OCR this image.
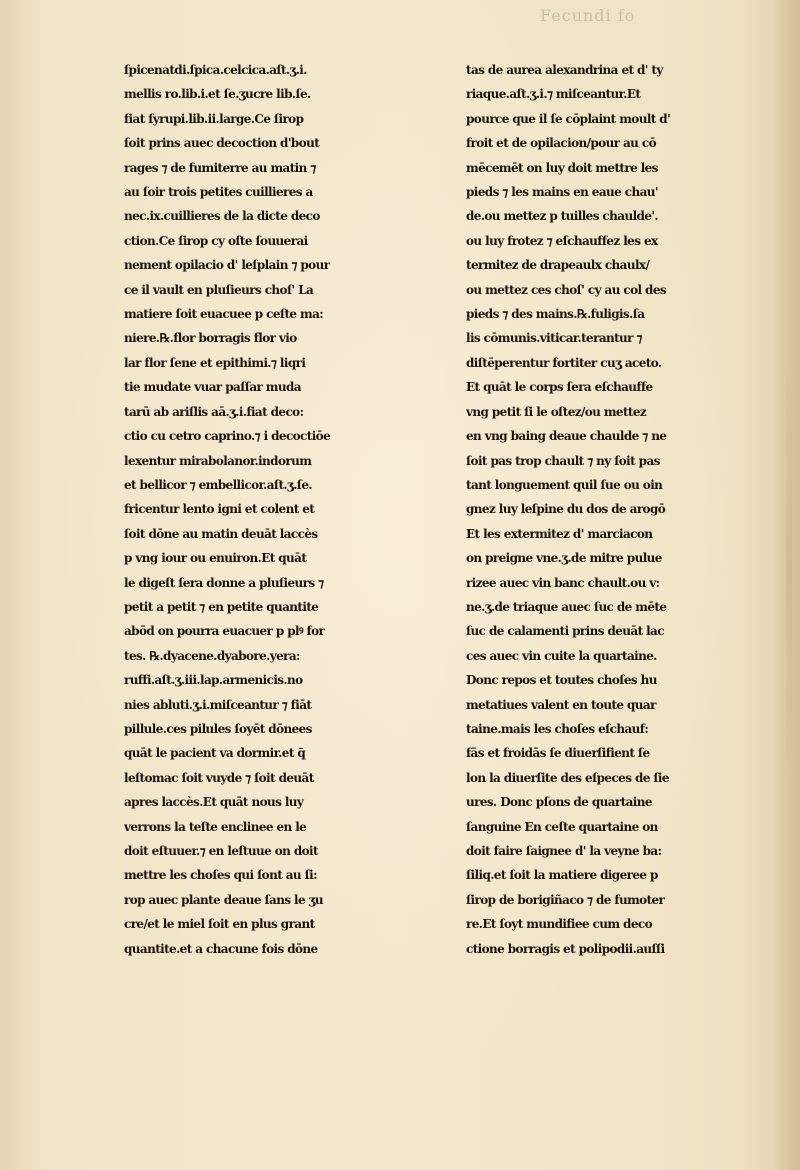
Fecundi fo
ſpicenatdi.ſpica.celcica.aſt.ʒ.i.
mellis ro.lib.i.et ſe.ʒucre lib.ſe.
fiat ſyrupi.lib.ii.large.Ce ſirop
ſoit prins auec decoction d'bout
rages ⁊ de fumiterre au matin ⁊
au ſoir trois petites cuillieres a
nec.ix.cuillieres de la dicte deco
ction.Ce ſirop cy oſte ſouuerai
nement opilacio d' leſplain ⁊ pour
ce il vault en pluſieurs choſ' La
matiere ſoit euacuee p ceſte ma:
niere.℞.flor borragis flor vio
lar flor ſene et epithimi.⁊ liqri
tie mudate vuar paſſar muda
tarū ab ariſlis aā.ʒ.i.fiat deco:
ctio cu cetro caprino.⁊ i decoctiōe
lexentur mirabolanor.indorum
et bellicor ⁊ embellicor.aſt.ʒ.ſe.
fricentur lento igni et colent et
ſoit dōne au matin deuāt laccès
p vng iour ou enuiron.Et quāt
le digeſt ſera donne a pluſieurs ⁊
petit a petit ⁊ en petite quantite
abōd on pourra euacuer p plꝰ for
tes. ℞.dyacene.dyabore.yera:
ruffi.aſt.ʒ.iii.lap.armenicis.no
nies abluti.ʒ.i.miſceantur ⁊ fiāt
pillule.ces pilules ſoyēt dōnees
quāt le pacient va dormir.et q̄
leſtomac ſoit vuyde ⁊ ſoit deuāt
apres laccès.Et quāt nous luy
verrons la teſte enclinee en le
doit eſtuuer.⁊ en leſtuue on doit
mettre les choſes qui ſont au ſi:
rop auec plante deaue ſans le ʒu
cre/et le miel ſoit en plus grant
quantite.et a chacune fois dōne
tas de aurea alexandrina et d' ty
riaque.aſt.ʒ.i.⁊ miſceantur.Et
pource que il ſe cōplaint moult d'
froit et de opilacion/pour au cō
mēcemēt on luy doit mettre les
pieds ⁊ les mains en eaue chau'
de.ou mettez p tuilles chaulde'.
ou luy frotez ⁊ eſchauffez les ex
termitez de drapeaulx chaulx/
ou mettez ces choſ' cy au col des
pieds ⁊ des mains.℞.fuligis.ſa
lis cōmunis.viticar.terantur ⁊
diſtēperentur fortiter cuʒ aceto.
Et quāt le corps ſera eſchauffe
vng petit ſi le oſtez/ou mettez
en vng baing deaue chaulde ⁊ ne
ſoit pas trop chault ⁊ ny ſoit pas
tant longuement quil ſue ou oin
gnez luy leſpine du dos de arogō
Et les extermitez d' marciacon
on preigne vne.ʒ.de mitre pulue
rizee auec vin banc chault.ou v:
ne.ʒ.de triaque auec ſuc de mēte
ſuc de calamenti prins deuāt lac
ces auec vin cuite la quartaine.
Donc repos et toutes choſes hu
metatiues valent en toute quar
taine.mais les choſes eſchauf:
fās et froidās ſe diuerſifient ſe
lon la diuerſite des eſpeces de ſie
ures. Donc pſons de quartaine
ſanguine En ceſte quartaine on
doit faire ſaignee d' la veyne ba:
ſiliq.et ſoit la matiere digeree p
ſirop de borigiñaco ⁊ de fumoter
re.Et ſoyt mundifiee cum deco
ctione borragis et polipodii.auſſi
